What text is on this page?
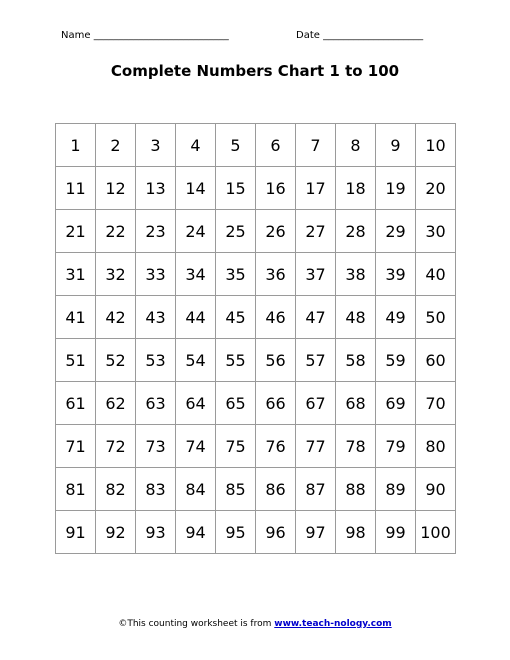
Name ___________________________	Date ____________________
Complete Numbers Chart 1 to 100
1	2	3	4	5	6	7	8	9	10
11	12	13	14	15	16	17	18	19	20
21	22	23	24	25	26	27	28	29	30
31	32	33	34	35	36	37	38	39	40
41	42	43	44	45	46	47	48	49	50
51	52	53	54	55	56	57	58	59	60
61	62	63	64	65	66	67	68	69	70
71	72	73	74	75	76	77	78	79	80
81	82	83	84	85	86	87	88	89	90
91	92	93	94	95	96	97	98	99	100
©This counting worksheet is from www.teach-nology.com
